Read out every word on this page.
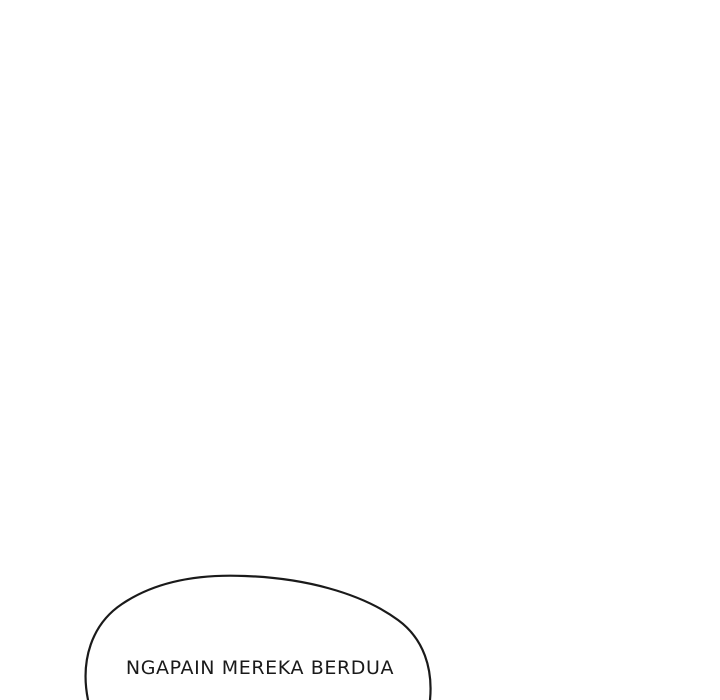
NGAPAIN MEREKA BERDUA
